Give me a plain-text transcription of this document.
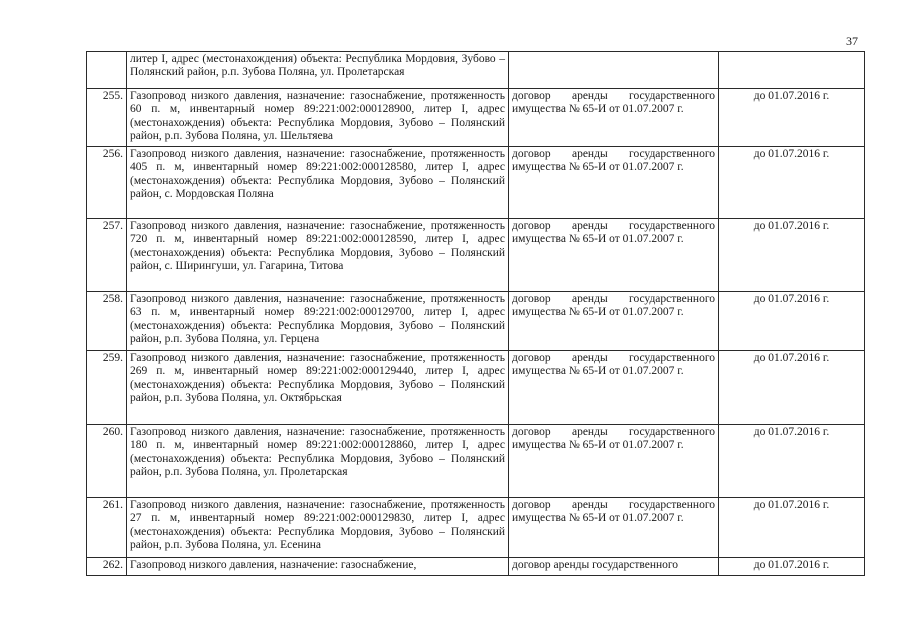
37
	литер I, адрес (местонахождения) объекта: Республика Мордовия, Зубово – Полянский район, р.п. Зубова Поляна, ул. Пролетарская		
255.	Газопровод низкого давления, назначение: газоснабжение, протяженность 60 п. м, инвентарный номер 89:221:002:000128900, литер I, адрес (местонахождения) объекта: Республика Мордовия, Зубово – Полянский район, р.п. Зубова Поляна, ул. Шельтяева	договор аренды государственного имущества № 65-И от 01.07.2007 г.	до 01.07.2016 г.
256.	Газопровод низкого давления, назначение: газоснабжение, протяженность 405 п. м, инвентарный номер 89:221:002:000128580, литер I, адрес (местонахождения) объекта: Республика Мордовия, Зубово – Полянский район, с. Мордовская Поляна	договор аренды государственного имущества № 65-И от 01.07.2007 г.	до 01.07.2016 г.
257.	Газопровод низкого давления, назначение: газоснабжение, протяженность 720 п. м, инвентарный номер 89:221:002:000128590, литер I, адрес (местонахождения) объекта: Республика Мордовия, Зубово – Полянский район, с. Ширингуши, ул. Гагарина, Титова	договор аренды государственного имущества № 65-И от 01.07.2007 г.	до 01.07.2016 г.
258.	Газопровод низкого давления, назначение: газоснабжение, протяженность 63 п. м, инвентарный номер 89:221:002:000129700, литер I, адрес (местонахождения) объекта: Республика Мордовия, Зубово – Полянский район, р.п. Зубова Поляна, ул. Герцена	договор аренды государственного имущества № 65-И от 01.07.2007 г.	до 01.07.2016 г.
259.	Газопровод низкого давления, назначение: газоснабжение, протяженность 269 п. м, инвентарный номер 89:221:002:000129440, литер I, адрес (местонахождения) объекта: Республика Мордовия, Зубово – Полянский район, р.п. Зубова Поляна, ул. Октябрьская	договор аренды государственного имущества № 65-И от 01.07.2007 г.	до 01.07.2016 г.
260.	Газопровод низкого давления, назначение: газоснабжение, протяженность 180 п. м, инвентарный номер 89:221:002:000128860, литер I, адрес (местонахождения) объекта: Республика Мордовия, Зубово – Полянский район, р.п. Зубова Поляна, ул. Пролетарская	договор аренды государственного имущества № 65-И от 01.07.2007 г.	до 01.07.2016 г.
261.	Газопровод низкого давления, назначение: газоснабжение, протяженность 27 п. м, инвентарный номер 89:221:002:000129830, литер I, адрес (местонахождения) объекта: Республика Мордовия, Зубово – Полянский район, р.п. Зубова Поляна, ул. Есенина	договор аренды государственного имущества № 65-И от 01.07.2007 г.	до 01.07.2016 г.
262.	Газопровод низкого давления, назначение: газоснабжение,	договор аренды государственного	до 01.07.2016 г.
